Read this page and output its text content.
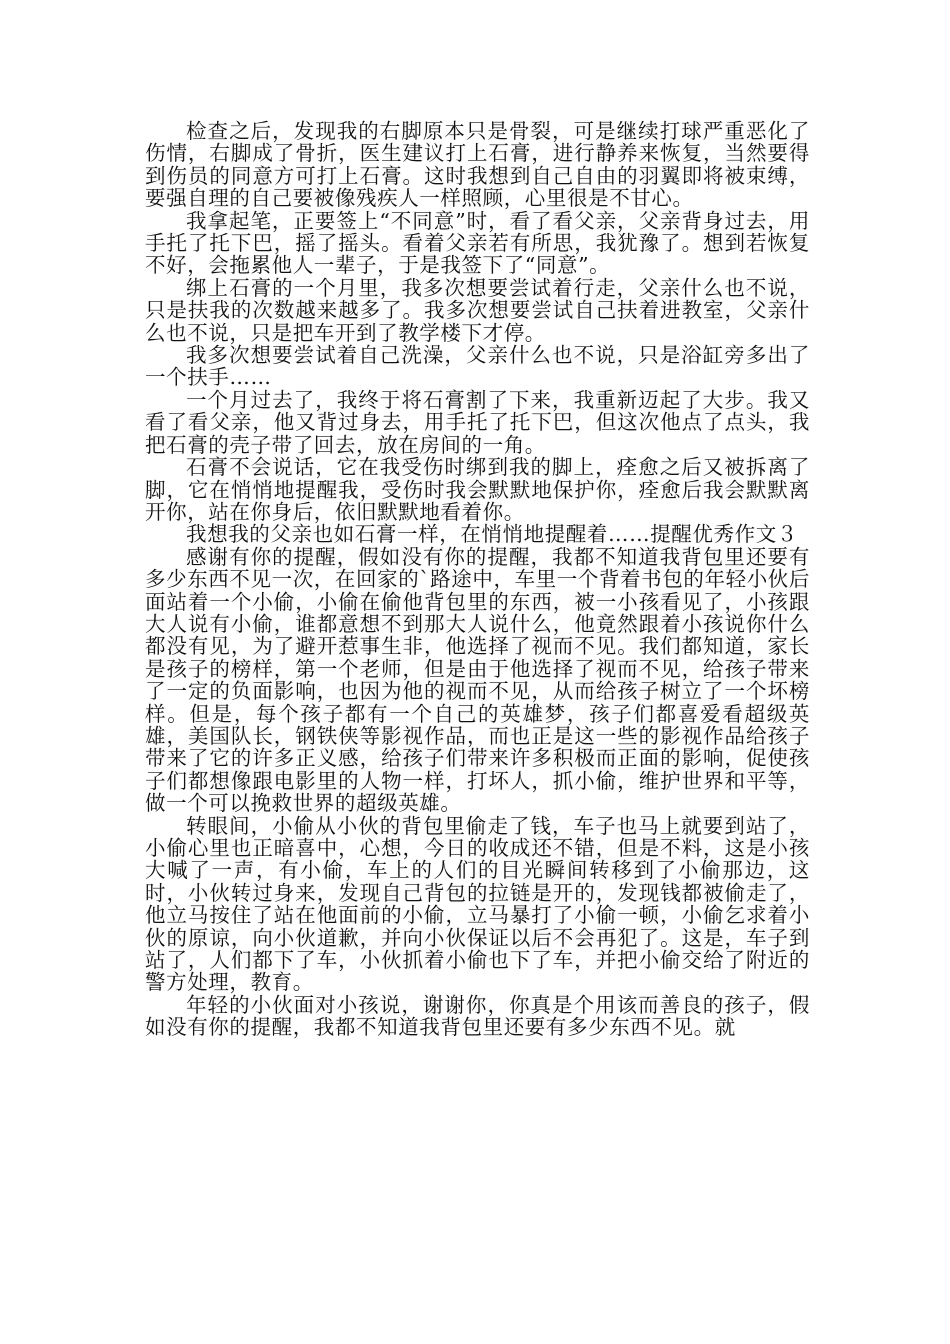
检查之后，发现我的右脚原本只是骨裂，可是继续打球严重恶化了伤情，右脚成了骨折，医生建议打上石膏，进行静养来恢复，当然要得到伤员的同意方可打上石膏。这时我想到自己自由的羽翼即将被束缚，要强自理的自己要被像残疾人一样照顾，心里很是不甘心。

我拿起笔，正要签上“不同意”时，看了看父亲，父亲背身过去，用手托了托下巴，摇了摇头。看着父亲若有所思，我犹豫了。想到若恢复不好，会拖累他人一辈子，于是我签下了“同意”。

绑上石膏的一个月里，我多次想要尝试着行走，父亲什么也不说，只是扶我的次数越来越多了。我多次想要尝试自己扶着进教室，父亲什么也不说，只是把车开到了教学楼下才停。

我多次想要尝试着自己洗澡，父亲什么也不说，只是浴缸旁多出了一个扶手……

一个月过去了，我终于将石膏割了下来，我重新迈起了大步。我又看了看父亲，他又背过身去，用手托了托下巴，但这次他点了点头，我把石膏的壳子带了回去，放在房间的一角。

石膏不会说话，它在我受伤时绑到我的脚上，痊愈之后又被拆离了脚，它在悄悄地提醒我，受伤时我会默默地保护你，痊愈后我会默默离开你，站在你身后，依旧默默地看着你。

我想我的父亲也如石膏一样，在悄悄地提醒着……提醒优秀作文３

感谢有你的提醒，假如没有你的提醒，我都不知道我背包里还要有多少东西不见一次，在回家的`路途中，车里一个背着书包的年轻小伙后面站着一个小偷，小偷在偷他背包里的东西，被一小孩看见了，小孩跟大人说有小偷，谁都意想不到那大人说什么，他竟然跟着小孩说你什么都没有见，为了避开惹事生非，他选择了视而不见。我们都知道，家长是孩子的榜样，第一个老师，但是由于他选择了视而不见，给孩子带来了一定的负面影响，也因为他的视而不见，从而给孩子树立了一个坏榜样。但是，每个孩子都有一个自己的英雄梦，孩子们都喜爱看超级英雄，美国队长，钢铁侠等影视作品，而也正是这一些的影视作品给孩子带来了它的许多正义感，给孩子们带来许多积极而正面的影响，促使孩子们都想像跟电影里的人物一样，打坏人，抓小偷，维护世界和平等，做一个可以挽救世界的超级英雄。

转眼间，小偷从小伙的背包里偷走了钱，车子也马上就要到站了，小偷心里也正暗喜中，心想，今日的收成还不错，但是不料，这是小孩大喊了一声，有小偷，车上的人们的目光瞬间转移到了小偷那边，这时，小伙转过身来，发现自己背包的拉链是开的，发现钱都被偷走了，他立马按住了站在他面前的小偷，立马暴打了小偷一顿，小偷乞求着小伙的原谅，向小伙道歉，并向小伙保证以后不会再犯了。这是，车子到站了，人们都下了车，小伙抓着小偷也下了车，并把小偷交给了附近的警方处理，教育。

年轻的小伙面对小孩说，谢谢你，你真是个用该而善良的孩子，假如没有你的提醒，我都不知道我背包里还要有多少东西不见。就
